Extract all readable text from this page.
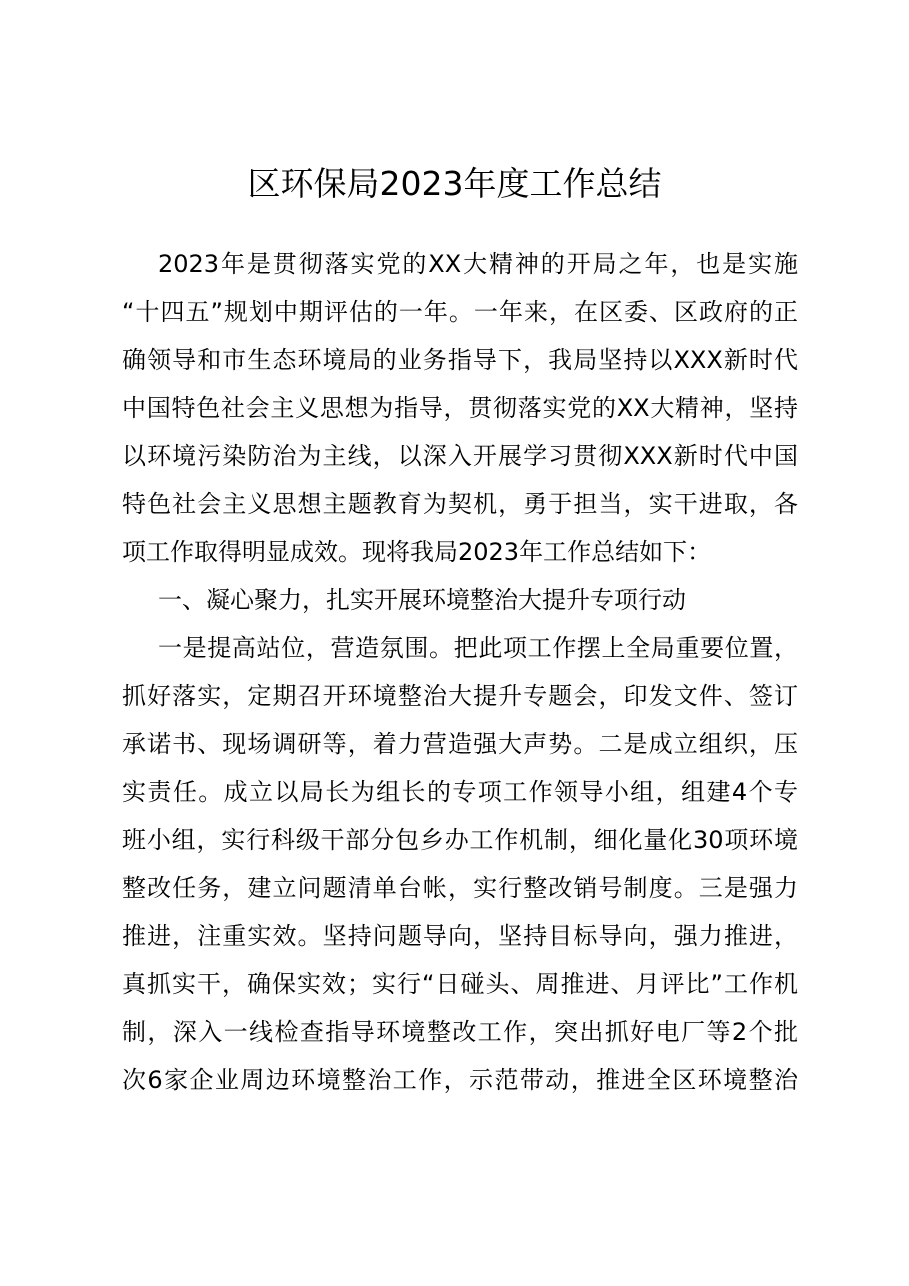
区环保局2023年度工作总结
2023年是贯彻落实党的XX大精神的开局之年，也是实施
“十四五”规划中期评估的一年。一年来，在区委、区政府的正
确领导和市生态环境局的业务指导下，我局坚持以XXX新时代
中国特色社会主义思想为指导，贯彻落实党的XX大精神，坚持
以环境污染防治为主线，以深入开展学习贯彻XXX新时代中国
特色社会主义思想主题教育为契机，勇于担当，实干进取，各
项工作取得明显成效。现将我局2023年工作总结如下：
一、凝心聚力，扎实开展环境整治大提升专项行动
一是提高站位，营造氛围。把此项工作摆上全局重要位置，
抓好落实，定期召开环境整治大提升专题会，印发文件、签订
承诺书、现场调研等，着力营造强大声势。二是成立组织，压
实责任。成立以局长为组长的专项工作领导小组，组建4个专
班小组，实行科级干部分包乡办工作机制，细化量化30项环境
整改任务，建立问题清单台帐，实行整改销号制度。三是强力
推进，注重实效。坚持问题导向，坚持目标导向，强力推进，
真抓实干，确保实效；实行“日碰头、周推进、月评比”工作机
制，深入一线检查指导环境整改工作，突出抓好电厂等2个批
次6家企业周边环境整治工作，示范带动，推进全区环境整治
